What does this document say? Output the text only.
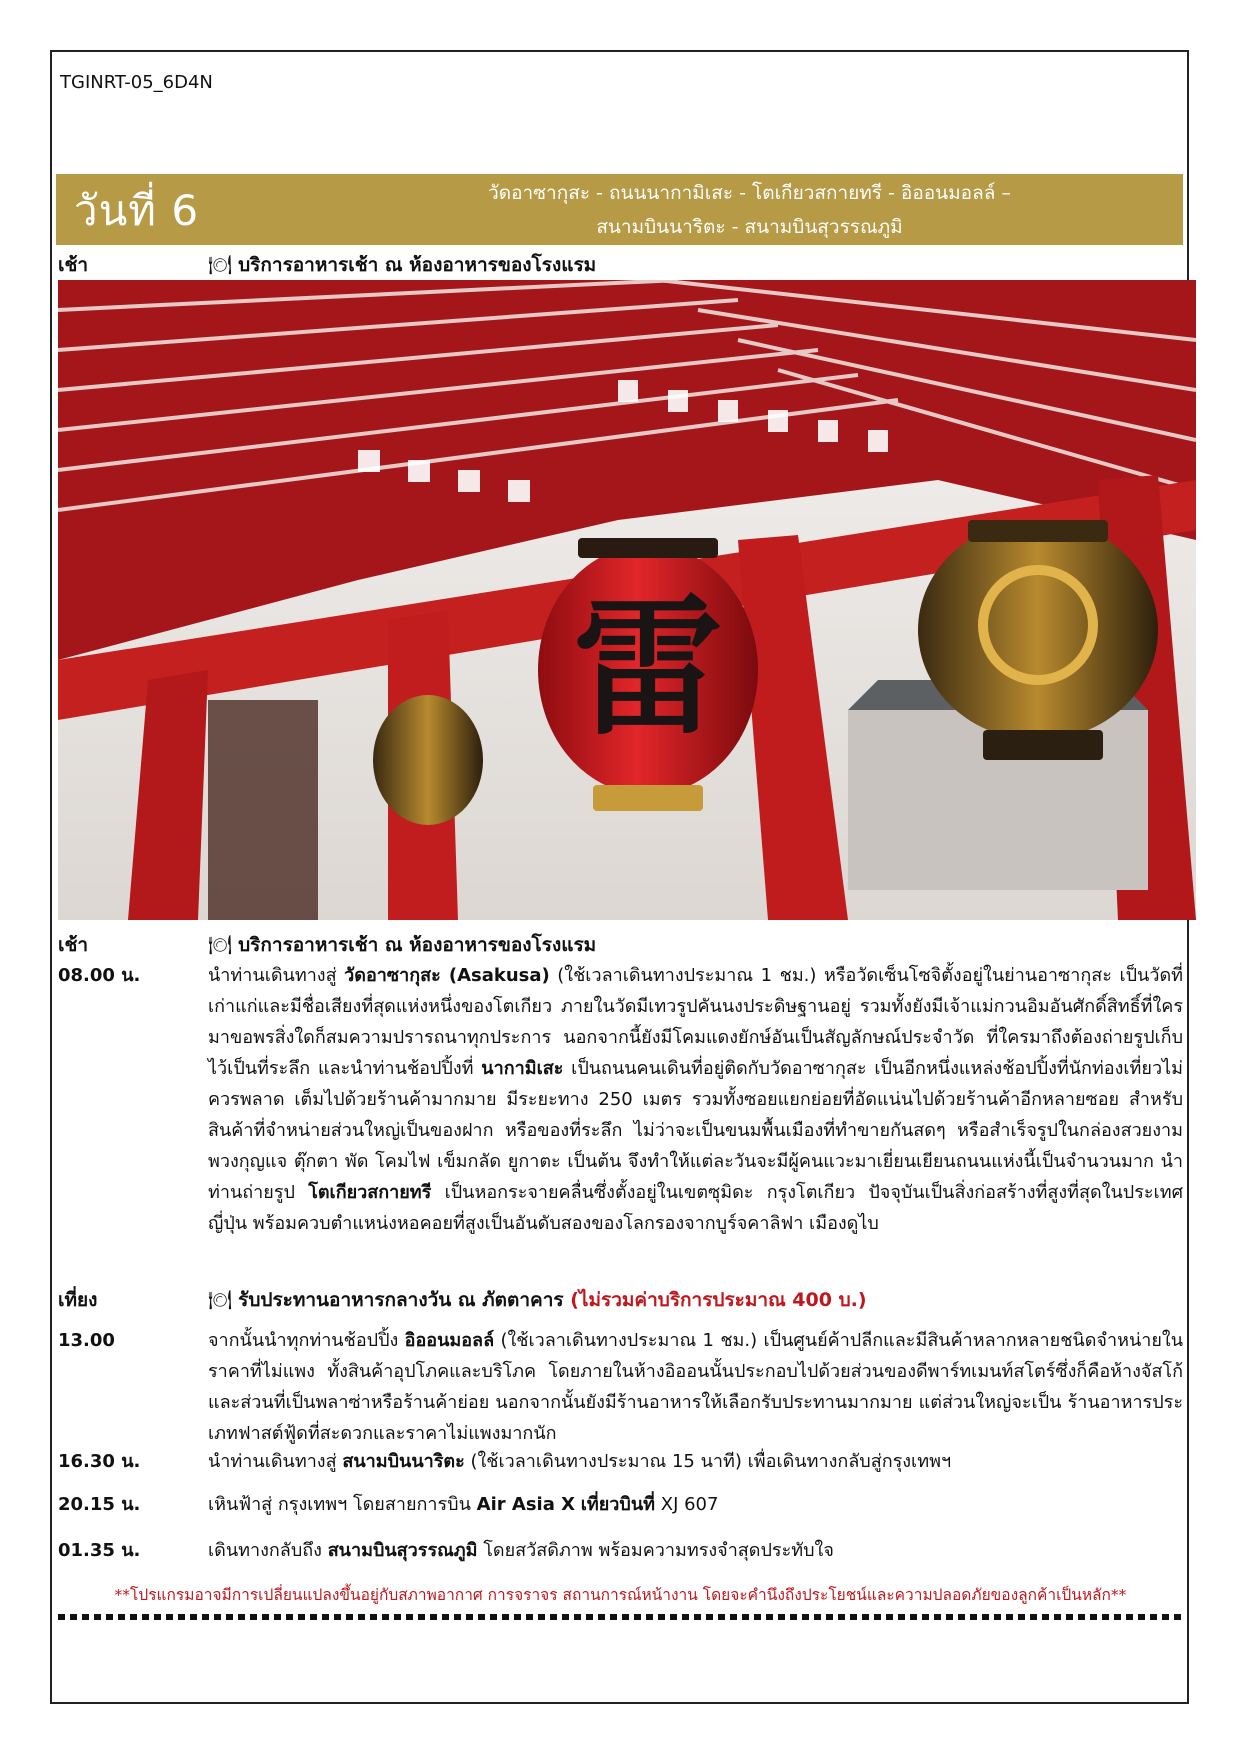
TGINRT-05_6D4N
วันที่ 6	วัดอาซากุสะ - ถนนนากามิเสะ - โตเกียวสกายทรี - อิออนมอลล์ –
สนามบินนาริตะ - สนามบินสุวรรณภูมิ
เช้า	🍽 บริการอาหารเช้า ณ ห้องอาหารของโรงแรม
雷
เช้า	🍽 บริการอาหารเช้า ณ ห้องอาหารของโรงแรม
08.00 น.	นำท่านเดินทางสู่ วัดอาซากุสะ (Asakusa) (ใช้เวลาเดินทางประมาณ 1 ชม.) หรือวัดเซ็นโซจิตั้งอยู่ในย่านอาซากุสะ เป็นวัดที่เก่าแก่และมีชื่อเสียงที่สุดแห่งหนึ่งของโตเกียว ภายในวัดมีเทวรูปคันนงประดิษฐานอยู่ รวมทั้งยังมีเจ้าแม่กวนอิมอันศักดิ์สิทธิ์ที่ใครมาขอพรสิ่งใดก็สมความปรารถนาทุกประการ นอกจากนี้ยังมีโคมแดงยักษ์อันเป็นสัญลักษณ์ประจำวัด ที่ใครมาถึงต้องถ่ายรูปเก็บไว้เป็นที่ระลึก และนำท่านช้อปปิ้งที่ นากามิเสะ เป็นถนนคนเดินที่อยู่ติดกับวัดอาซากุสะ เป็นอีกหนึ่งแหล่งช้อปปิ้งที่นักท่องเที่ยวไม่ควรพลาด เต็มไปด้วยร้านค้ามากมาย มีระยะทาง 250 เมตร รวมทั้งซอยแยกย่อยที่อัดแน่นไปด้วยร้านค้าอีกหลายซอย สำหรับสินค้าที่จำหน่ายส่วนใหญ่เป็นของฝาก หรือของที่ระลึก ไม่ว่าจะเป็นขนมพื้นเมืองที่ทำขายกันสดๆ หรือสำเร็จรูปในกล่องสวยงาม พวงกุญแจ ตุ๊กตา พัด โคมไฟ เข็มกลัด ยูกาตะ เป็นต้น จึงทำให้แต่ละวันจะมีผู้คนแวะมาเยี่ยนเยียนถนนแห่งนี้เป็นจำนวนมาก นำท่านถ่ายรูป โตเกียวสกายทรี เป็นหอกระจายคลื่นซึ่งตั้งอยู่ในเขตซุมิดะ กรุงโตเกียว ปัจจุบันเป็นสิ่งก่อสร้างที่สูงที่สุดในประเทศญี่ปุ่น พร้อมควบตำแหน่งหอคอยที่สูงเป็นอันดับสองของโลกรองจากบูร์จคาลิฟา เมืองดูไบ
เที่ยง	🍽 รับประทานอาหารกลางวัน ณ ภัตตาคาร (ไม่รวมค่าบริการประมาณ 400 บ.)
13.00	จากนั้นนำทุกท่านช้อปปิ้ง อิออนมอลล์ (ใช้เวลาเดินทางประมาณ 1 ชม.) เป็นศูนย์ค้าปลีกและมีสินค้าหลากหลายชนิดจำหน่ายในราคาที่ไม่แพง ทั้งสินค้าอุปโภคและบริโภค โดยภายในห้างอิออนนั้นประกอบไปด้วยส่วนของดีพาร์ทเมนท์สโตร์ซึ่งก็คือห้างจัสโก้ และส่วนที่เป็นพลาซ่าหรือร้านค้าย่อย นอกจากนั้นยังมีร้านอาหารให้เลือกรับประทานมากมาย แต่ส่วนใหญ่จะเป็น ร้านอาหารประเภทฟาสต์ฟู้ดที่สะดวกและราคาไม่แพงมากนัก
16.30 น.	นำท่านเดินทางสู่ สนามบินนาริตะ (ใช้เวลาเดินทางประมาณ 15 นาที) เพื่อเดินทางกลับสู่กรุงเทพฯ
20.15 น.	เหินฟ้าสู่ กรุงเทพฯ โดยสายการบิน Air Asia X เที่ยวบินที่ XJ 607
01.35 น.	เดินทางกลับถึง สนามบินสุวรรณภูมิ โดยสวัสดิภาพ พร้อมความทรงจำสุดประทับใจ
**โปรแกรมอาจมีการเปลี่ยนแปลงขึ้นอยู่กับสภาพอากาศ การจราจร สถานการณ์หน้างาน โดยจะคำนึงถึงประโยชน์และความปลอดภัยของลูกค้าเป็นหลัก**
